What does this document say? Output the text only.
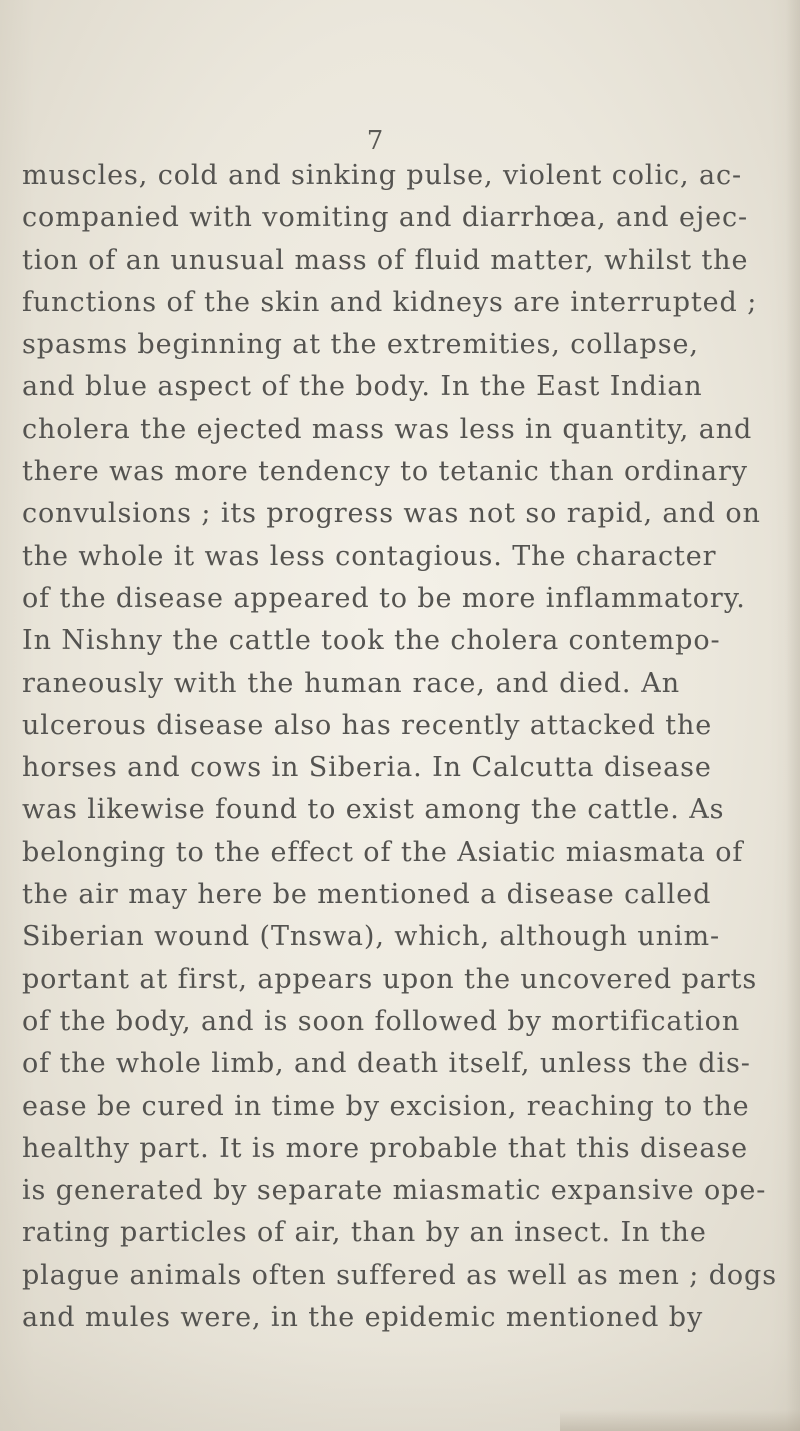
7
muscles, cold and sinking pulse, violent colic, ac-
companied with vomiting and diarrhœa, and ejec-
tion of an unusual mass of fluid matter, whilst the
functions of the skin and kidneys are interrupted ;
spasms beginning at the extremities, collapse,
and blue aspect of the body. In the East Indian
cholera the ejected mass was less in quantity, and
there was more tendency to tetanic than ordinary
convulsions ; its progress was not so rapid, and on
the whole it was less contagious. The character
of the disease appeared to be more inflammatory.
In Nishny the cattle took the cholera contempo-
raneously with the human race, and died. An
ulcerous disease also has recently attacked the
horses and cows in Siberia. In Calcutta disease
was likewise found to exist among the cattle. As
belonging to the effect of the Asiatic miasmata of
the air may here be mentioned a disease called
Siberian wound (Tnswa), which, although unim-
portant at first, appears upon the uncovered parts
of the body, and is soon followed by mortification
of the whole limb, and death itself, unless the dis-
ease be cured in time by excision, reaching to the
healthy part. It is more probable that this disease
is generated by separate miasmatic expansive ope-
rating particles of air, than by an insect. In the
plague animals often suffered as well as men ; dogs
and mules were, in the epidemic mentioned by
